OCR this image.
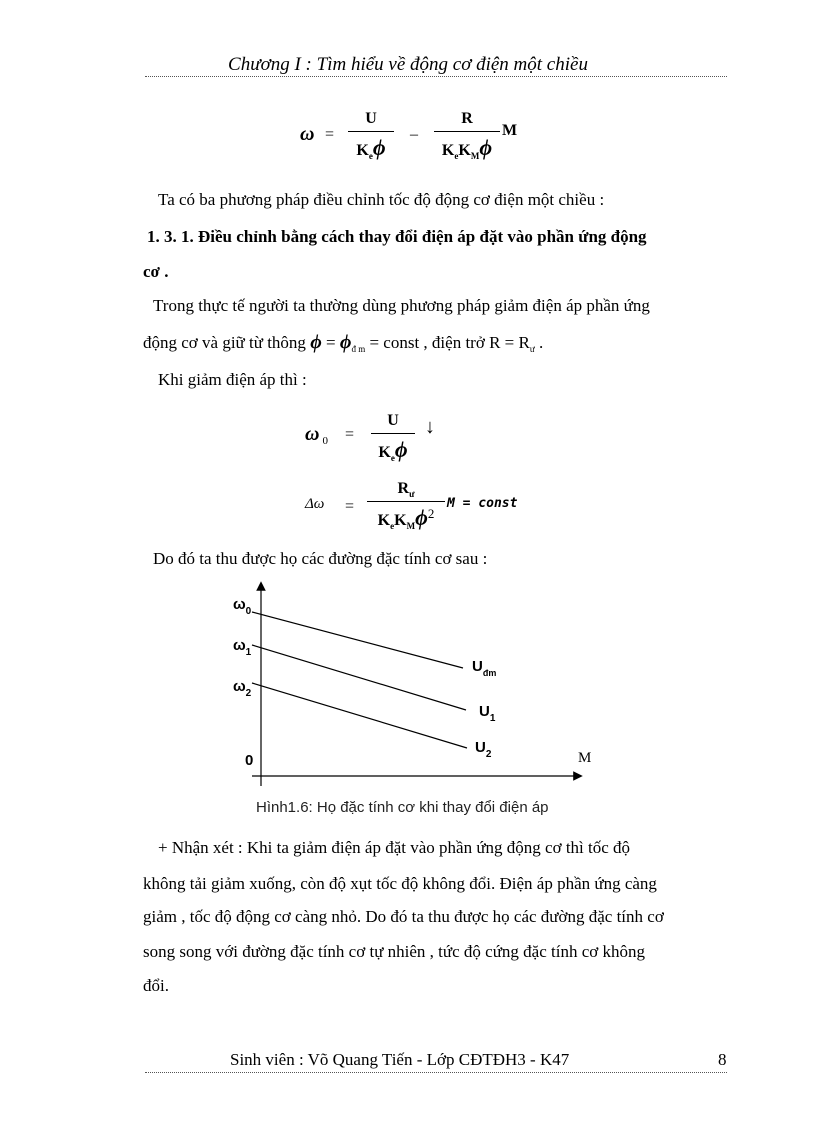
Chương I : Tìm hiểu về động cơ điện một chiều
ω =
U
$K_e\phi$
–
R
$K_eK_M\phi$
M
Ta có ba phương pháp điều chỉnh tốc độ động cơ điện một chiều :
1. 3. 1. Điều chỉnh bằng cách thay đổi điện áp đặt vào phần ứng động
cơ .
Trong thực tế người ta thường dùng phương pháp giảm điện áp phần ứng
động cơ và giữ từ thông $\phi = \phi_{đ m}$ = const , điện trở $R = R_ư$ .
Khi giảm điện áp thì :
ω $_0$ =
U
$K_e\phi$
↓
Δω =
$R_ư$
$K_eK_M\phi^2$
M = const
Do đó ta thu được họ các đường đặc tính cơ sau :
$\omega_0$
$\omega_1$
$\omega_2$
0	M
$U_{đm}$
$U_1$
$U_2$
Hình1.6: Họ đặc tính cơ khi thay đổi điện áp
+ Nhận xét : Khi ta giảm điện áp đặt vào phần ứng động cơ thì tốc độ
không tải giảm xuống, còn độ xụt tốc độ không đổi. Điện áp phần ứng càng
giảm , tốc độ động cơ càng nhỏ. Do đó ta thu được họ các đường đặc tính cơ
song song với đường đặc tính cơ tự nhiên , tức độ cứng đặc tính cơ không
đổi.
Sinh viên : Võ Quang Tiến - Lớp CĐTĐH3 - K47	8
